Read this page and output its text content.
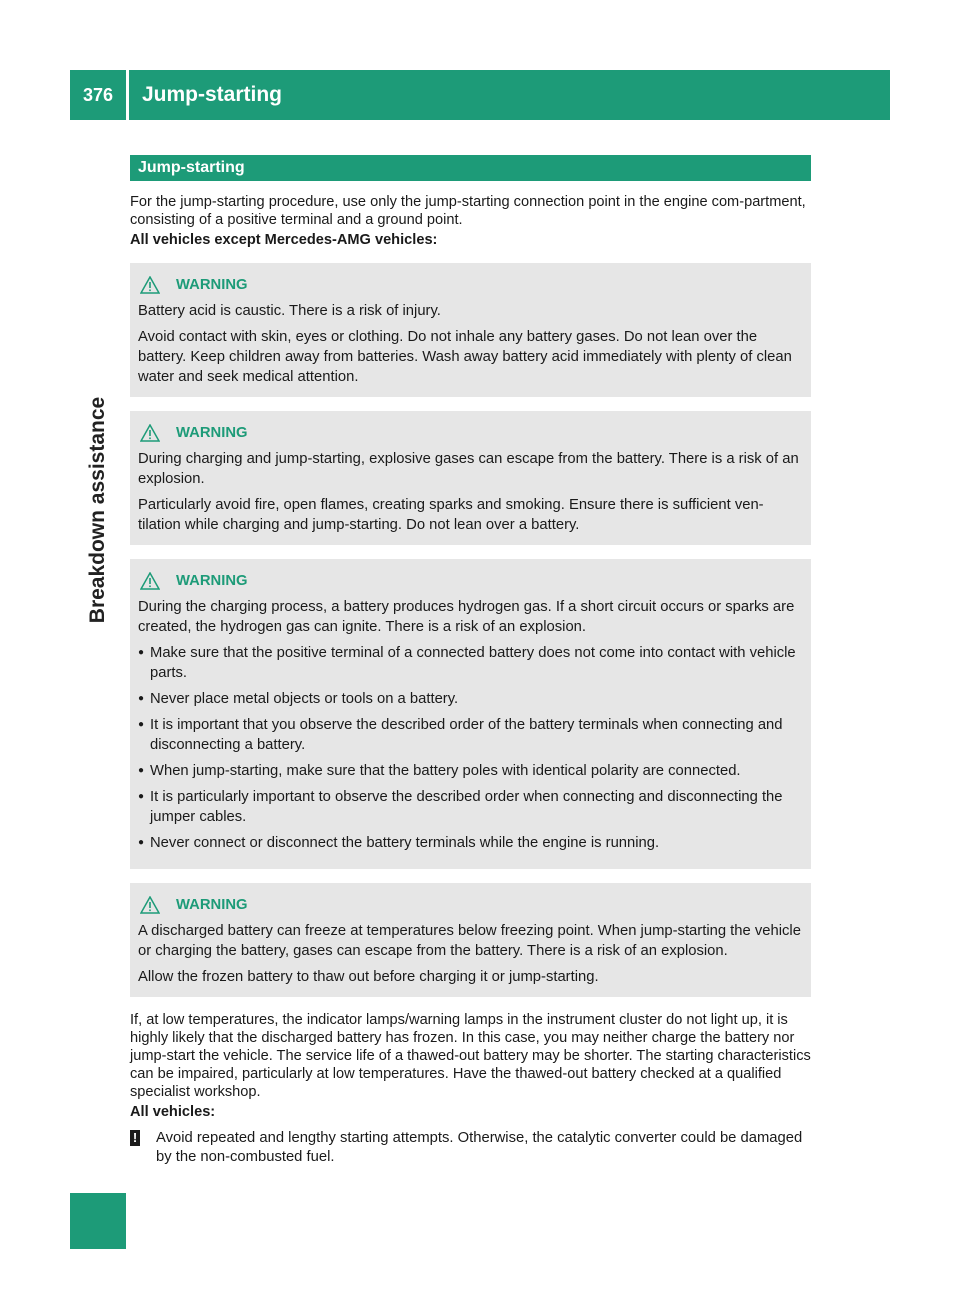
376	Jump-starting
Breakdown assistance
Jump-starting

For the jump-starting procedure, use only the jump-starting connection point in the engine com-partment, consisting of a positive terminal and a ground point.

All vehicles except Mercedes-AMG vehicles:

WARNING

Battery acid is caustic. There is a risk of injury.

Avoid contact with skin, eyes or clothing. Do not inhale any battery gases. Do not lean over the battery. Keep children away from batteries. Wash away battery acid immediately with plenty of clean water and seek medical attention.

WARNING

During charging and jump-starting, explosive gases can escape from the battery. There is a risk of an explosion.

Particularly avoid fire, open flames, creating sparks and smoking. Ensure there is sufficient ven-tilation while charging and jump-starting. Do not lean over a battery.

WARNING

During the charging process, a battery produces hydrogen gas. If a short circuit occurs or sparks are created, the hydrogen gas can ignite. There is a risk of an explosion.

● Make sure that the positive terminal of a connected battery does not come into contact with vehicle parts.
● Never place metal objects or tools on a battery.
● It is important that you observe the described order of the battery terminals when connecting and disconnecting a battery.
● When jump-starting, make sure that the battery poles with identical polarity are connected.
● It is particularly important to observe the described order when connecting and disconnecting the jumper cables.
● Never connect or disconnect the battery terminals while the engine is running.
WARNING

A discharged battery can freeze at temperatures below freezing point. When jump-starting the vehicle or charging the battery, gases can escape from the battery. There is a risk of an explosion.

Allow the frozen battery to thaw out before charging it or jump-starting.

If, at low temperatures, the indicator lamps/warning lamps in the instrument cluster do not light up, it is highly likely that the discharged battery has frozen. In this case, you may neither charge the battery nor jump-start the vehicle. The service life of a thawed-out battery may be shorter. The starting characteristics can be impaired, particularly at low temperatures. Have the thawed-out battery checked at a qualified specialist workshop.

All vehicles:

!	Avoid repeated and lengthy starting attempts. Otherwise, the catalytic converter could be damaged by the non-combusted fuel.
